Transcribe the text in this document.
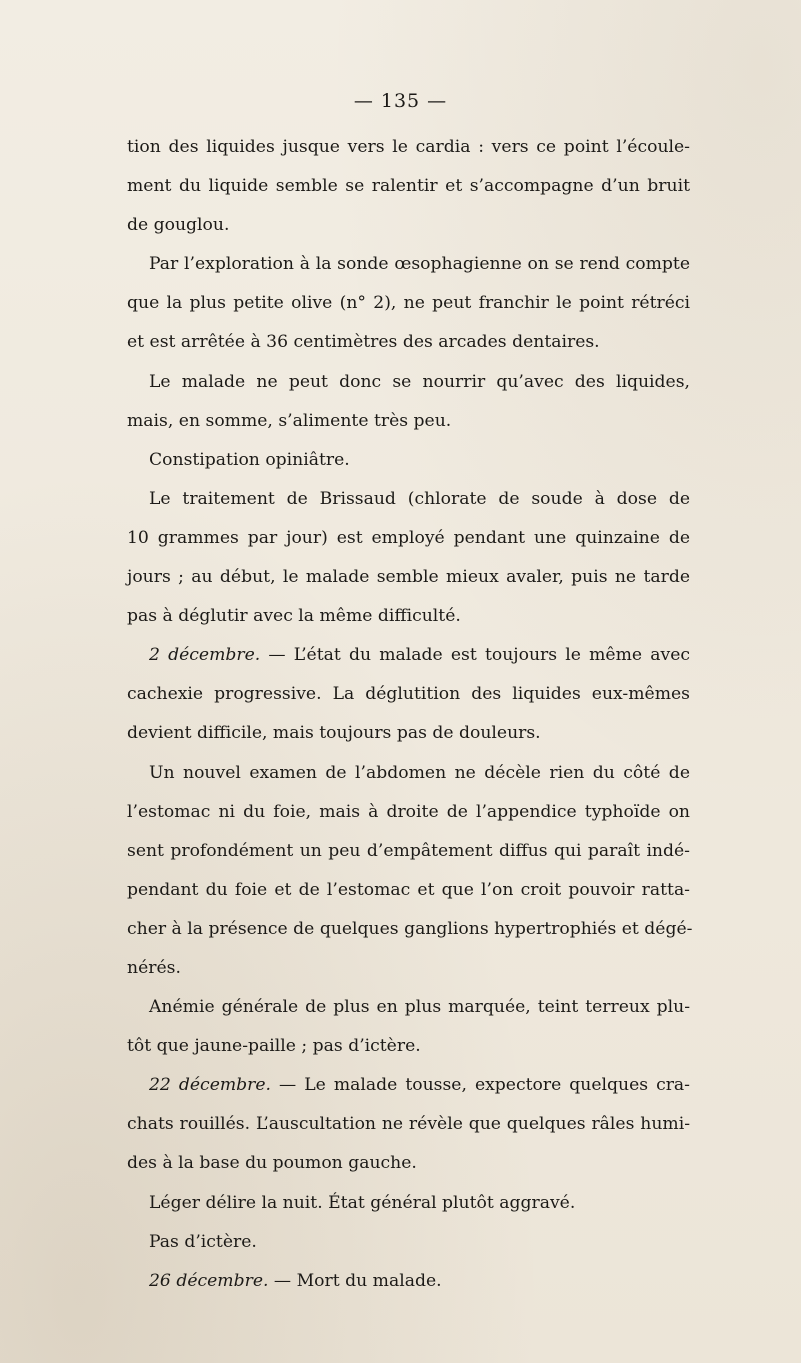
— 135 —
tion des liquides jusque vers le cardia : vers ce point l’écoule-
ment du liquide semble se ralentir et s’accompagne d’un bruit
de gouglou.
Par l’exploration à la sonde œsophagienne on se rend compte
que la plus petite olive (n° 2), ne peut franchir le point rétréci
et est arrêtée à 36 centimètres des arcades dentaires.
Le malade ne peut donc se nourrir qu’avec des liquides,
mais, en somme, s’alimente très peu.
Constipation opiniâtre.
Le traitement de Brissaud (chlorate de soude à dose de
10 grammes par jour) est employé pendant une quinzaine de
jours ; au début, le malade semble mieux avaler, puis ne tarde
pas à déglutir avec la même difficulté.
2 décembre. — L’état du malade est toujours le même avec
cachexie progressive. La déglutition des liquides eux-mêmes
devient difficile, mais toujours pas de douleurs.
Un nouvel examen de l’abdomen ne décèle rien du côté de
l’estomac ni du foie, mais à droite de l’appendice typhoïde on
sent profondément un peu d’empâtement diffus qui paraît indé-
pendant du foie et de l’estomac et que l’on croit pouvoir ratta-
cher à la présence de quelques ganglions hypertrophiés et dégé-
nérés.
Anémie générale de plus en plus marquée, teint terreux plu-
tôt que jaune-paille ; pas d’ictère.
22 décembre. — Le malade tousse, expectore quelques cra-
chats rouillés. L’auscultation ne révèle que quelques râles humi-
des à la base du poumon gauche.
Léger délire la nuit. État général plutôt aggravé.
Pas d’ictère.
26 décembre. — Mort du malade.
